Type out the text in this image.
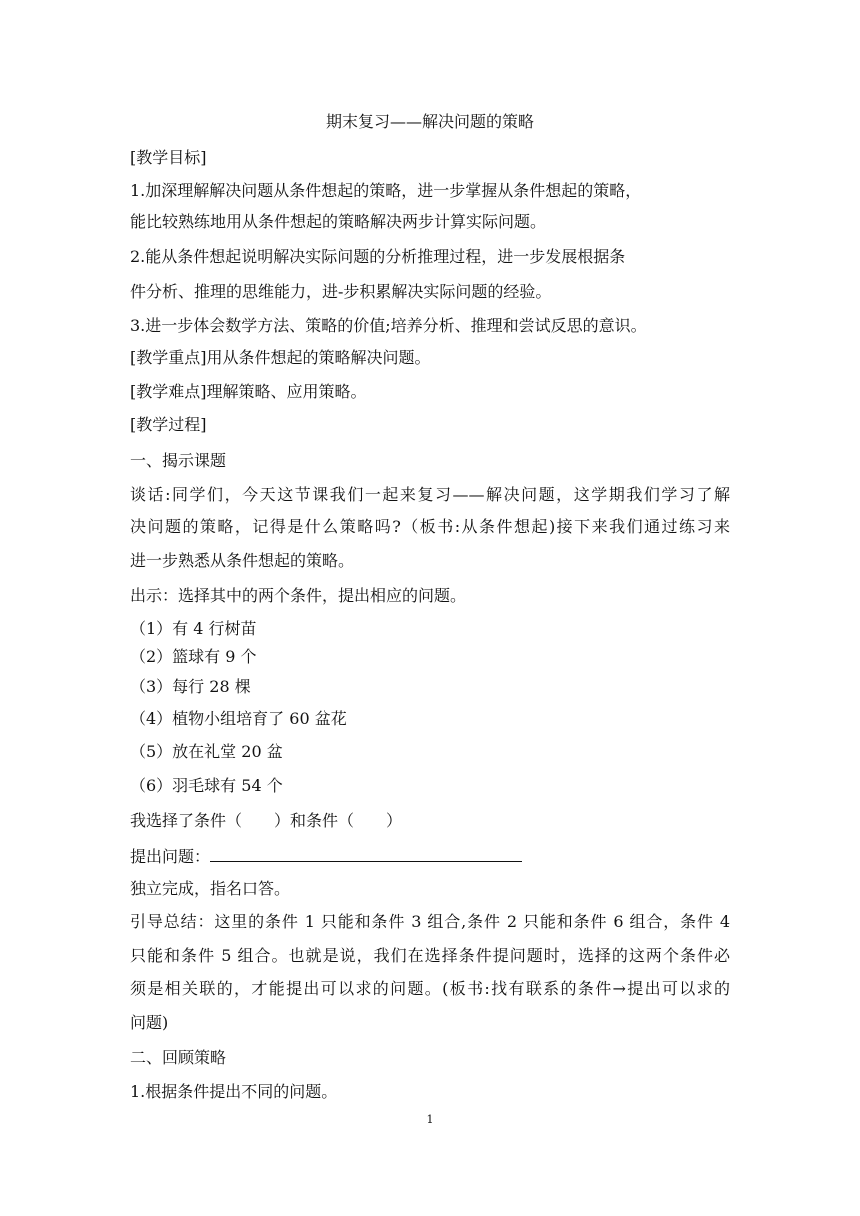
期末复习——解决问题的策略
[教学目标]
1.加深理解解决问题从条件想起的策略，进一步掌握从条件想起的策略，
能比较熟练地用从条件想起的策略解决两步计算实际问题。
2.能从条件想起说明解决实际问题的分析推理过程，进一步发展根据条
件分析、推理的思维能力，进-步积累解决实际问题的经验。
3.进一步体会数学方法、策略的价值;培养分析、推理和尝试反思的意识。
[教学重点]用从条件想起的策略解决问题。
[教学难点]理解策略、应用策略。
[教学过程]
一、揭示课题
谈话:同学们，今天这节课我们一起来复习——解决问题，这学期我们学习了解
决问题的策略，记得是什么策略吗?（板书:从条件想起)接下来我们通过练习来
进一步熟悉从条件想起的策略。
出示：选择其中的两个条件，提出相应的问题。
（1）有 4 行树苗
（2）篮球有 9 个
（3）每行 28 棵
（4）植物小组培育了 60 盆花
（5）放在礼堂 20 盆
（6）羽毛球有 54 个
我选择了条件（　　）和条件（　　）
提出问题：
独立完成，指名口答。
引导总结：这里的条件 1 只能和条件 3 组合,条件 2 只能和条件 6 组合，条件 4
只能和条件 5 组合。也就是说，我们在选择条件提问题时，选择的这两个条件必
须是相关联的，才能提出可以求的问题。(板书:找有联系的条件→提出可以求的
问题)
二、回顾策略
1.根据条件提出不同的问题。
1
